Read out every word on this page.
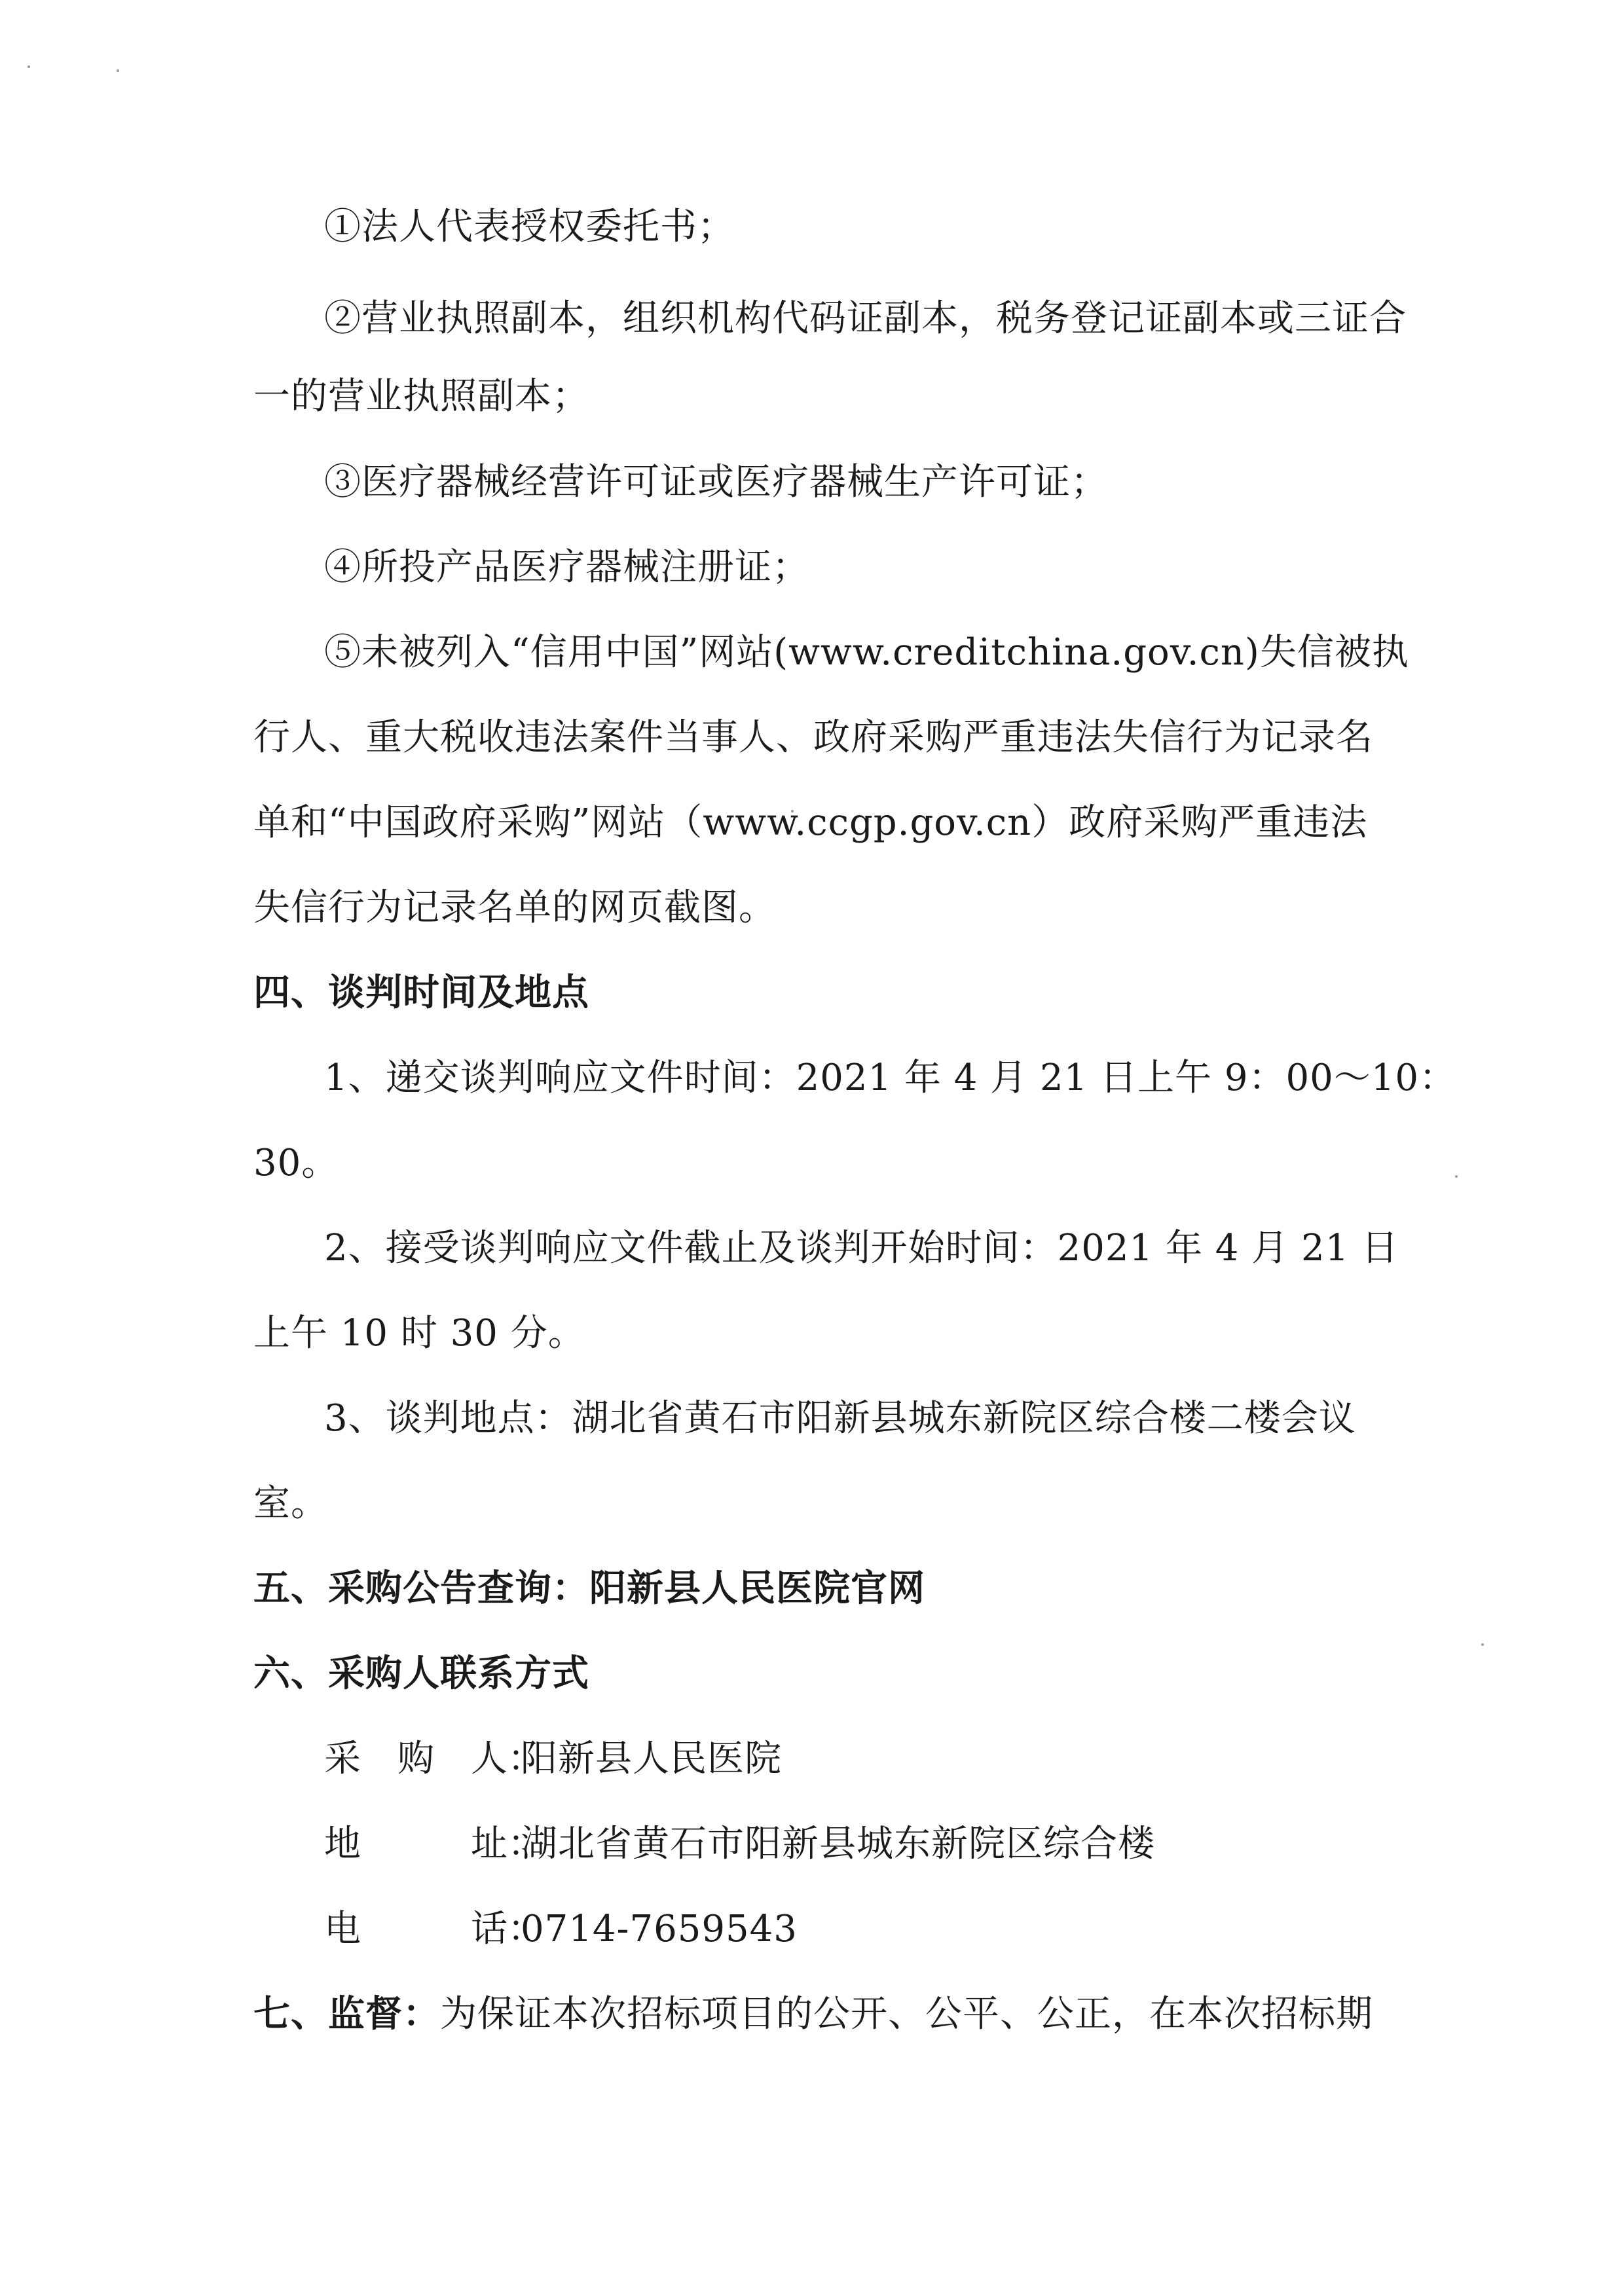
①法人代表授权委托书；
②营业执照副本，组织机构代码证副本，税务登记证副本或三证合
一的营业执照副本；
③医疗器械经营许可证或医疗器械生产许可证；
④所投产品医疗器械注册证；
⑤未被列入“信用中国”网站(www.creditchina.gov.cn)失信被执
行人、重大税收违法案件当事人、政府采购严重违法失信行为记录名
单和“中国政府采购”网站（www.ccgp.gov.cn）政府采购严重违法
失信行为记录名单的网页截图。
四、谈判时间及地点
1、递交谈判响应文件时间：2021 年 4 月 21 日上午 9：00～10：
30。
2、接受谈判响应文件截止及谈判开始时间：2021 年 4 月 21 日
上午 10 时 30 分。
3、谈判地点：湖北省黄石市阳新县城东新院区综合楼二楼会议
室。
五、采购公告查询：阳新县人民医院官网
六、采购人联系方式
采　购　人：阳新县人民医院
地　　　址：湖北省黄石市阳新县城东新院区综合楼
电　　　话：0714-7659543
七、监督：为保证本次招标项目的公开、公平、公正，在本次招标期
